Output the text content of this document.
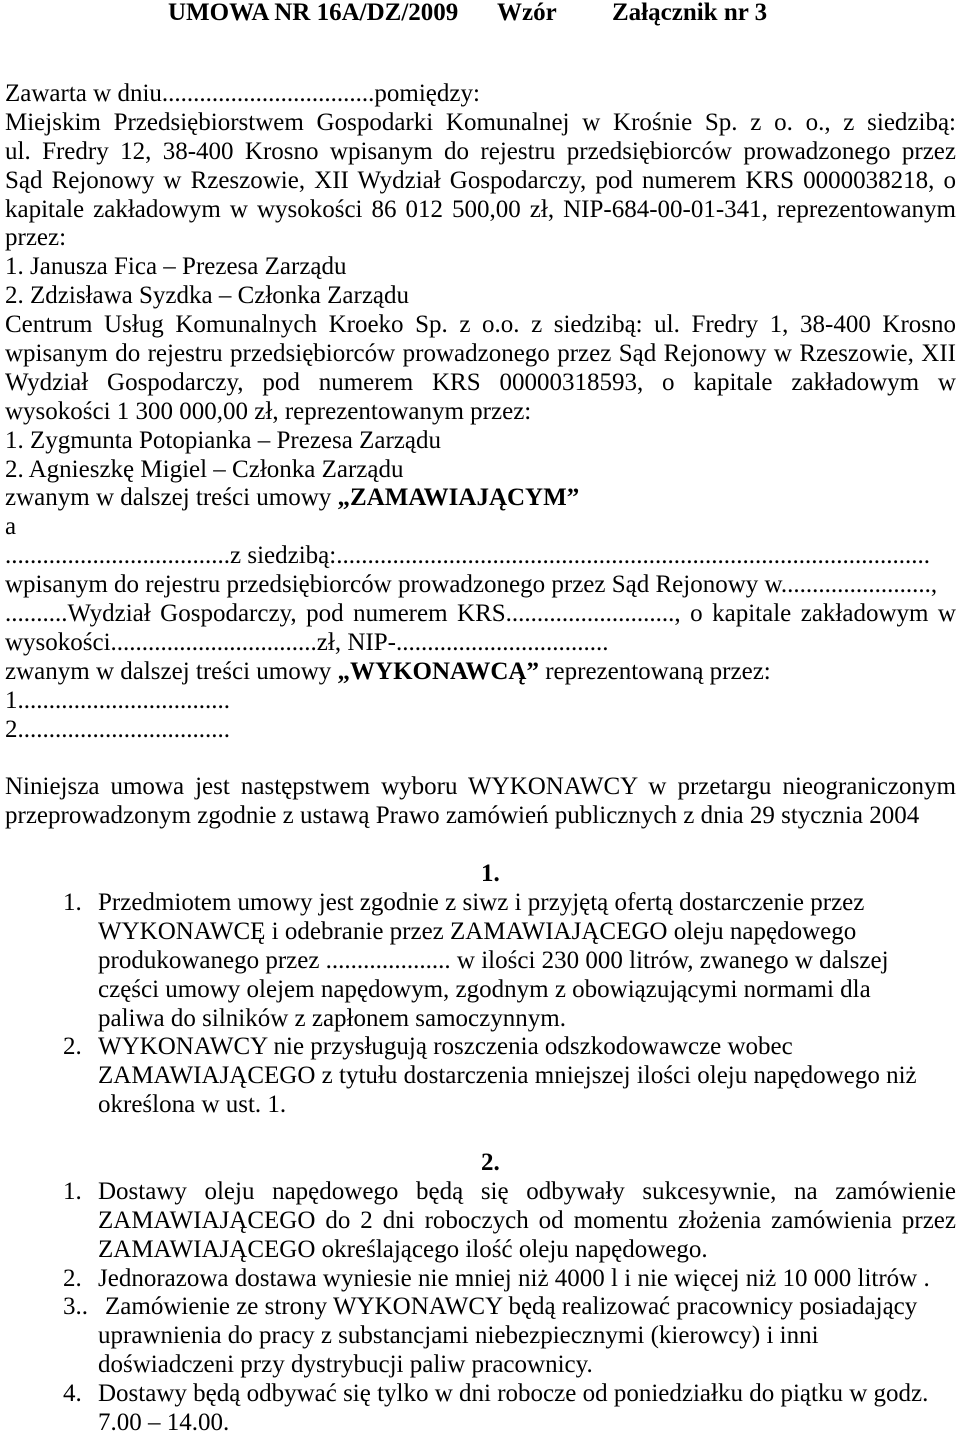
UMOWA NR 16A/DZ/2009 Wzór Załącznik nr 3
Zawarta w dniu..................................pomiędzy:
Miejskim Przedsiębiorstwem Gospodarki Komunalnej w Krośnie Sp. z o. o., z siedzibą:
ul. Fredry 12, 38-400 Krosno wpisanym do rejestru przedsiębiorców prowadzonego przez
Sąd Rejonowy w Rzeszowie, XII Wydział Gospodarczy, pod numerem KRS 0000038218, o
kapitale zakładowym w wysokości 86 012 500,00 zł, NIP-684-00-01-341, reprezentowanym
przez:
1. Janusza Fica – Prezesa Zarządu
2. Zdzisława Syzdka – Członka Zarządu
Centrum Usług Komunalnych Kroeko Sp. z o.o. z siedzibą: ul. Fredry 1, 38-400 Krosno
wpisanym do rejestru przedsiębiorców prowadzonego przez Sąd Rejonowy w Rzeszowie, XII
Wydział Gospodarczy, pod numerem KRS 00000318593, o kapitale zakładowym w
wysokości 1 300 000,00 zł, reprezentowanym przez:
1. Zygmunta Potopianka – Prezesa Zarządu
2. Agnieszkę Migiel – Członka Zarządu
zwanym w dalszej treści umowy „ZAMAWIAJĄCYM”
a
....................................z siedzibą:...............................................................................................
wpisanym do rejestru przedsiębiorców prowadzonego przez Sąd Rejonowy w........................,
..........Wydział Gospodarczy, pod numerem KRS..........................., o kapitale zakładowym w
wysokości.................................zł, NIP-..................................
zwanym w dalszej treści umowy „WYKONAWCĄ” reprezentowaną przez:
1..................................
2..................................
Niniejsza umowa jest następstwem wyboru WYKONAWCY w przetargu nieograniczonym
przeprowadzonym zgodnie z ustawą Prawo zamówień publicznych z dnia 29 stycznia 2004
1.
1. Przedmiotem umowy jest zgodnie z siwz i przyjętą ofertą dostarczenie przez
WYKONAWCĘ i odebranie przez ZAMAWIAJĄCEGO oleju napędowego
produkowanego przez .................... w ilości 230 000 litrów, zwanego w dalszej
części umowy olejem napędowym, zgodnym z obowiązującymi normami dla
paliwa do silników z zapłonem samoczynnym.
2. WYKONAWCY nie przysługują roszczenia odszkodowawcze wobec
ZAMAWIAJĄCEGO z tytułu dostarczenia mniejszej ilości oleju napędowego niż
określona w ust. 1.
2.
1. Dostawy oleju napędowego będą się odbywały sukcesywnie, na zamówienie
ZAMAWIAJĄCEGO do 2 dni roboczych od momentu złożenia zamówienia przez
ZAMAWIAJĄCEGO określającego ilość oleju napędowego.
2. Jednorazowa dostawa wyniesie nie mniej niż 4000 l i nie więcej niż 10 000 litrów .
3.. Zamówienie ze strony WYKONAWCY będą realizować pracownicy posiadający
uprawnienia do pracy z substancjami niebezpiecznymi (kierowcy) i inni
doświadczeni przy dystrybucji paliw pracownicy.
4. Dostawy będą odbywać się tylko w dni robocze od poniedziałku do piątku w godz.
7.00 – 14.00.
